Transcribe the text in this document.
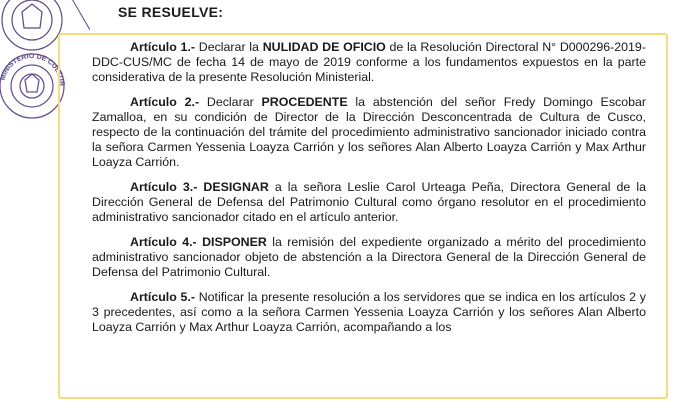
MINISTERIO DE CULTUR
SE RESUELVE:

Artículo 1.- Declarar la NULIDAD DE OFICIO de la Resolución Directoral N° D000296-2019-DDC-CUS/MC de fecha 14 de mayo de 2019 conforme a los fundamentos expuestos en la parte considerativa de la presente Resolución Ministerial.

Artículo 2.- Declarar PROCEDENTE la abstención del señor Fredy Domingo Escobar Zamalloa, en su condición de Director de la Dirección Desconcentrada de Cultura de Cusco, respecto de la continuación del trámite del procedimiento administrativo sancionador iniciado contra la señora Carmen Yessenia Loayza Carrión y los señores Alan Alberto Loayza Carrión y Max Arthur Loayza Carrión.

Artículo 3.- DESIGNAR a la señora Leslie Carol Urteaga Peña, Directora General de la Dirección General de Defensa del Patrimonio Cultural como órgano resolutor en el procedimiento administrativo sancionador citado en el artículo anterior.

Artículo 4.- DISPONER la remisión del expediente organizado a mérito del procedimiento administrativo sancionador objeto de abstención a la Directora General de la Dirección General de Defensa del Patrimonio Cultural.

Artículo 5.- Notificar la presente resolución a los servidores que se indica en los artículos 2 y 3 precedentes, así como a la señora Carmen Yessenia Loayza Carrión y los señores Alan Alberto Loayza Carrión y Max Arthur Loayza Carrión, acompañando a los
